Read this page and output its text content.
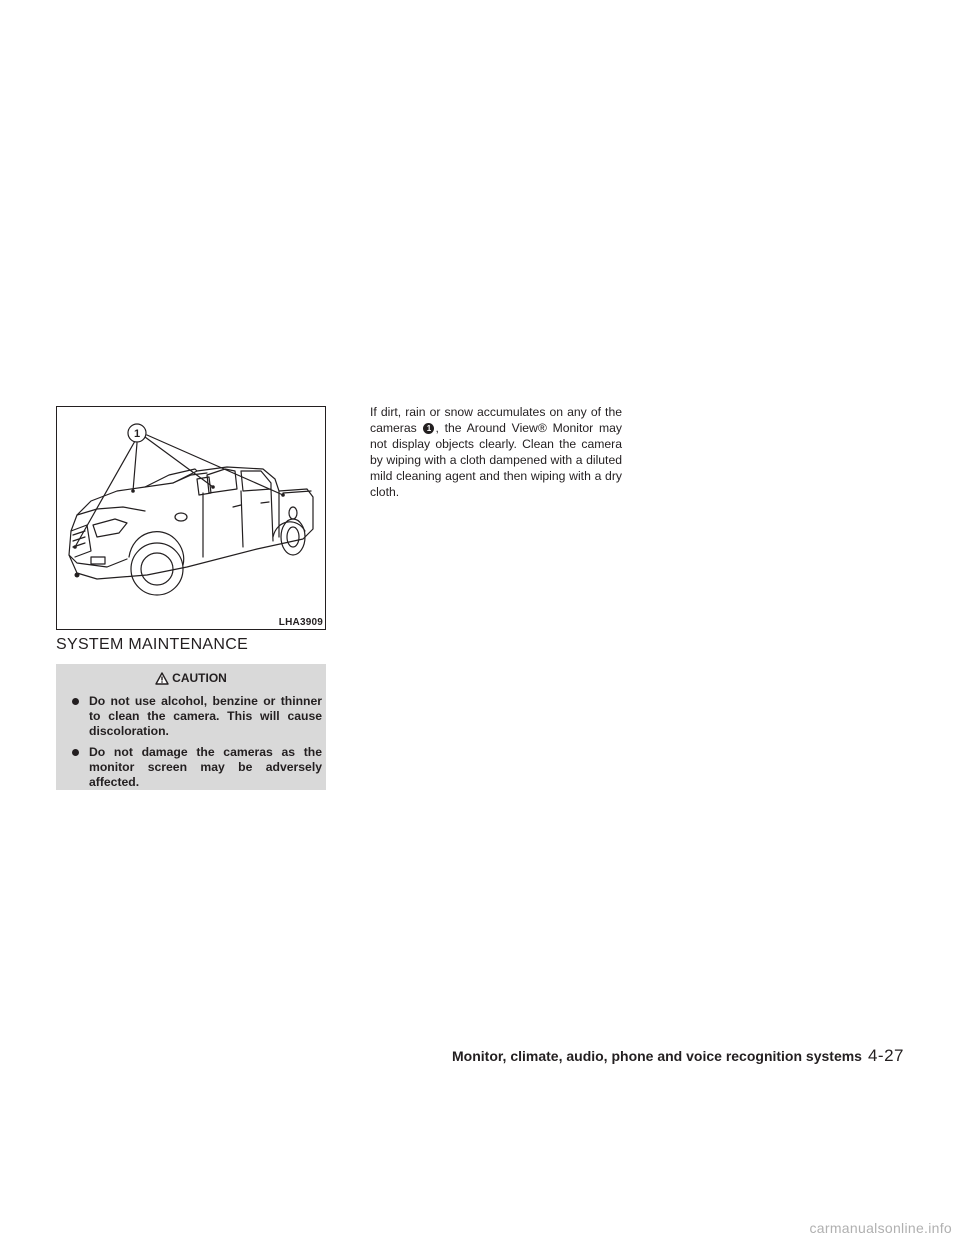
1
LHA3909
SYSTEM MAINTENANCE
CAUTION
Do not use alcohol, benzine or thinner to clean the camera. This will cause discoloration.
Do not damage the cameras as the monitor screen may be adversely affected.

If dirt, rain or snow accumulates on any of the cameras 1 , the Around View® Monitor may not display objects clearly. Clean the camera by wiping with a cloth dampened with a diluted mild cleaning agent and then wiping with a dry cloth.

Monitor, climate, audio, phone and voice recognition systems 4-27
carmanualsonline.info
